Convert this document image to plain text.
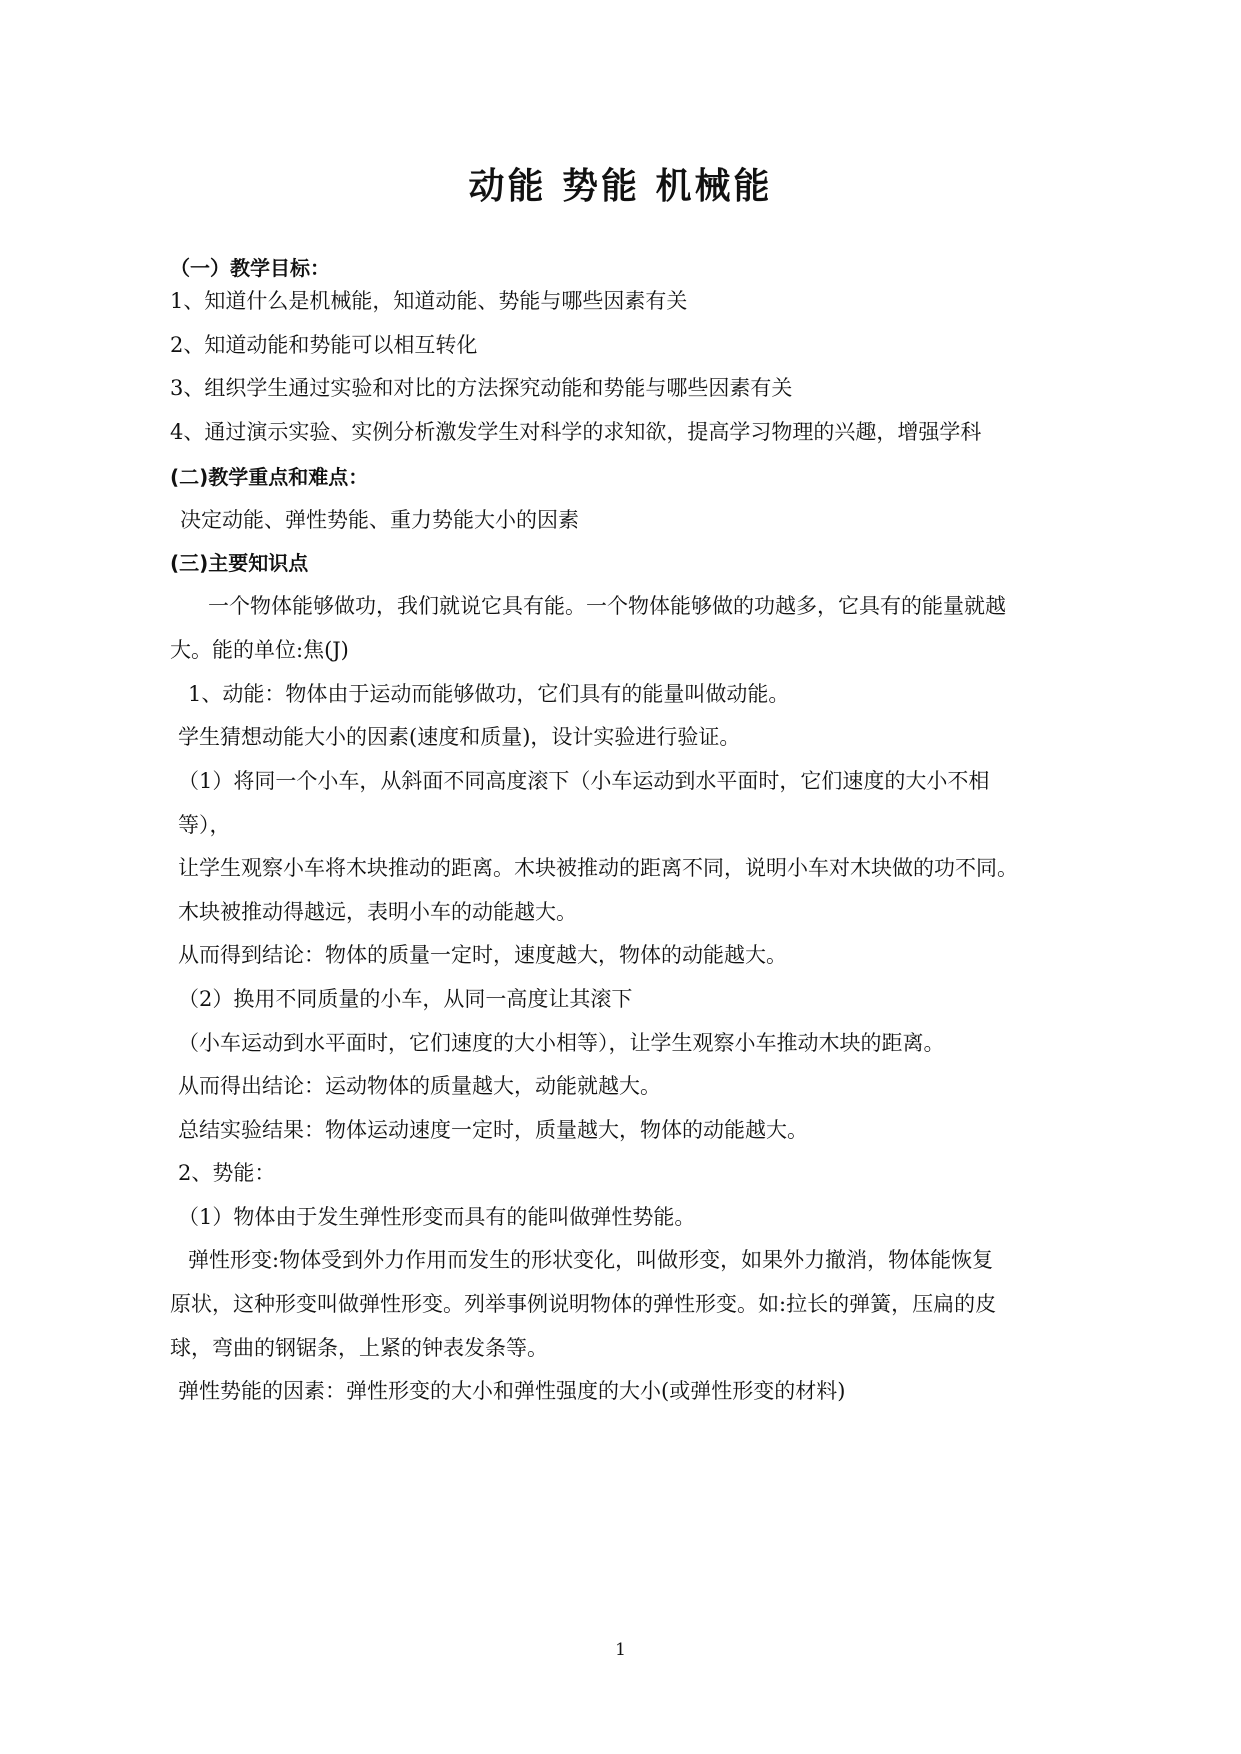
动能 势能 机械能
（一）教学目标：
1、知道什么是机械能，知道动能、势能与哪些因素有关
2、知道动能和势能可以相互转化
3、组织学生通过实验和对比的方法探究动能和势能与哪些因素有关
4、通过演示实验、实例分析激发学生对科学的求知欲，提高学习物理的兴趣，增强学科
(二)教学重点和难点：
决定动能、弹性势能、重力势能大小的因素
(三)主要知识点
一个物体能够做功，我们就说它具有能。一个物体能够做的功越多，它具有的能量就越
大。能的单位:焦(J)
1、动能：物体由于运动而能够做功，它们具有的能量叫做动能。
学生猜想动能大小的因素(速度和质量)，设计实验进行验证。
（1）将同一个小车，从斜面不同高度滚下（小车运动到水平面时，它们速度的大小不相
等），
让学生观察小车将木块推动的距离。木块被推动的距离不同，说明小车对木块做的功不同。
木块被推动得越远，表明小车的动能越大。
从而得到结论：物体的质量一定时，速度越大，物体的动能越大。
（2）换用不同质量的小车，从同一高度让其滚下
（小车运动到水平面时，它们速度的大小相等），让学生观察小车推动木块的距离。
从而得出结论：运动物体的质量越大，动能就越大。
总结实验结果：物体运动速度一定时，质量越大，物体的动能越大。
2、势能：
（1）物体由于发生弹性形变而具有的能叫做弹性势能。
弹性形变:物体受到外力作用而发生的形状变化，叫做形变，如果外力撤消，物体能恢复
原状，这种形变叫做弹性形变。列举事例说明物体的弹性形变。如:拉长的弹簧，压扁的皮
球，弯曲的钢锯条，上紧的钟表发条等。
弹性势能的因素：弹性形变的大小和弹性强度的大小(或弹性形变的材料)
1
